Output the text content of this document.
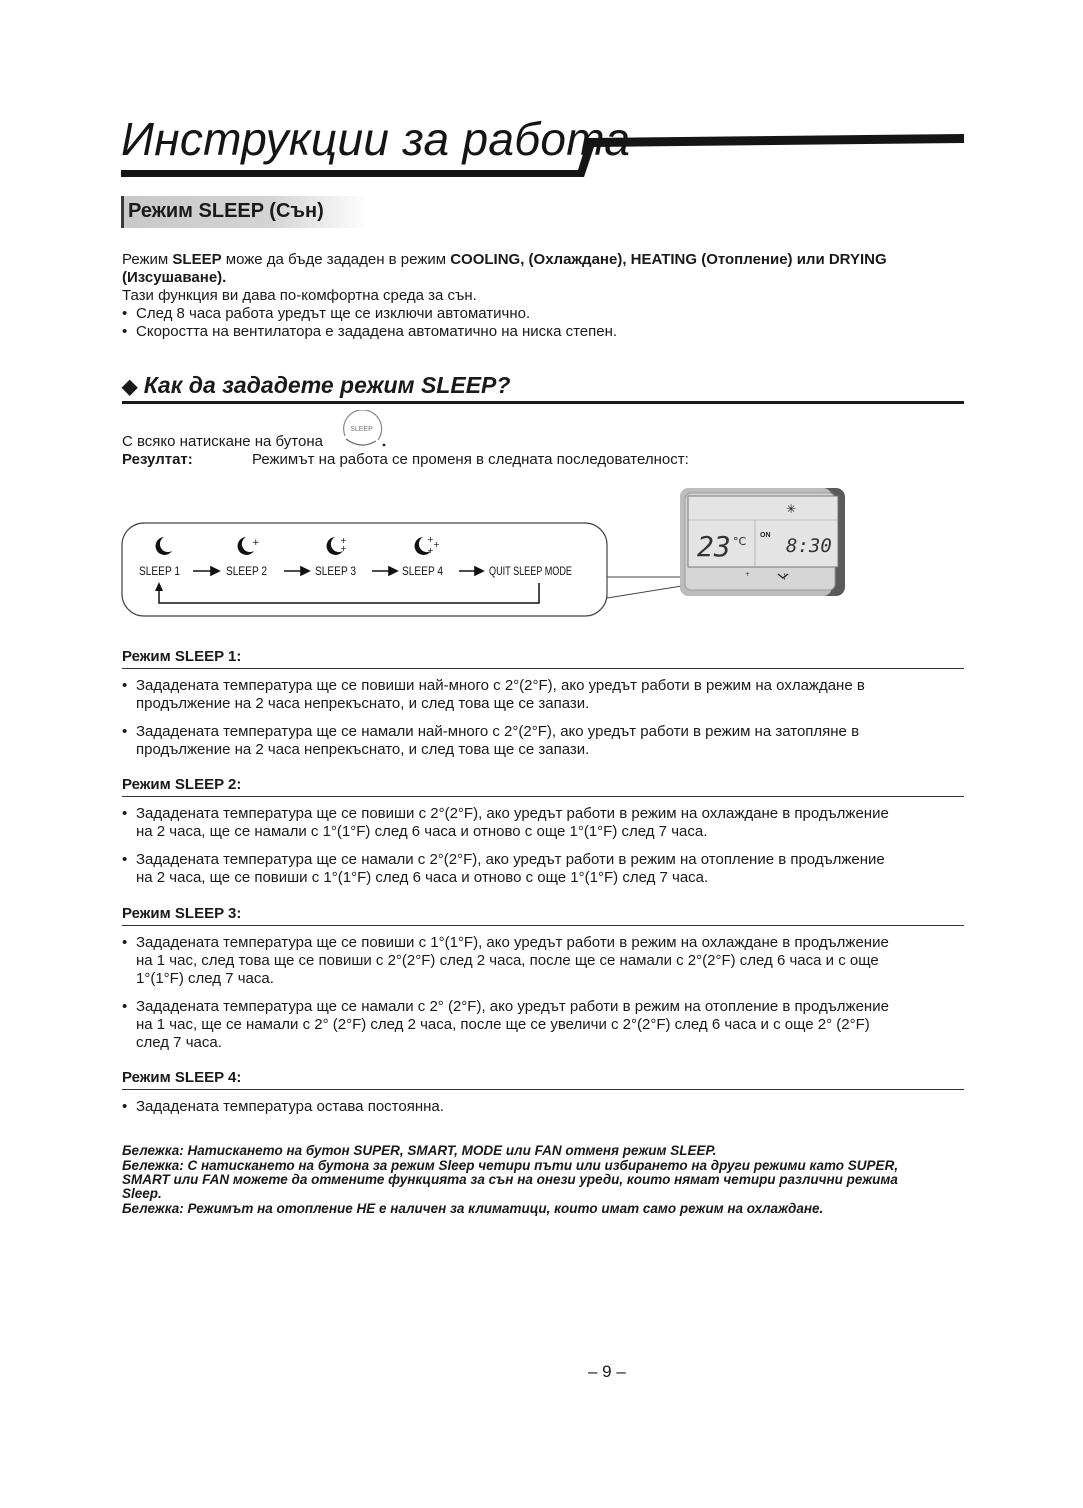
Инструкции за работа
Режим SLEEP (Сън)
Режим SLEEP може да бъде зададен в режим COOLING, (Охлаждане), HEATING (Отопление) или DRYING
(Изсушаване).
Тази функция ви дава по-комфортна среда за сън.
• След 8 часа работа уредът ще се изключи автоматично.
• Скоростта на вентилатора е зададена автоматично на ниска степен.
◆ Как да зададете режим SLEEP?
С всяко натискане на бутона
SLEEP
Резултат:	Режимът на работа се променя в следната последователност:
+	+
+
+
+
+
SLEEP 1	SLEEP 2	SLEEP 3	SLEEP 4	QUIT SLEEP MODE
✳
23 °C ON 8:30
+	⁝
Режим SLEEP 1:
• Зададената температура ще се повиши най-много с 2°(2°F), ако уредът работи в режим на охлаждане в
продължение на 2 часа непрекъснато, и след това ще се запази.
• Зададената температура ще се намали най-много с 2°(2°F), ако уредът работи в режим на затопляне в
продължение на 2 часа непрекъснато, и след това ще се запази.
Режим SLEEP 2:
• Зададената температура ще се повиши с 2°(2°F), ако уредът работи в режим на охлаждане в продължение
на 2 часа, ще се намали с 1°(1°F) след 6 часа и отново с още 1°(1°F) след 7 часа.
• Зададената температура ще се намали с 2°(2°F), ако уредът работи в режим на отопление в продължение
на 2 часа, ще се повиши с 1°(1°F) след 6 часа и отново с още 1°(1°F) след 7 часа.
Режим SLEEP 3:
• Зададената температура ще се повиши с 1°(1°F), ако уредът работи в режим на охлаждане в продължение
на 1 час, след това ще се повиши с 2°(2°F) след 2 часа, после ще се намали с 2°(2°F) след 6 часа и с още
1°(1°F) след 7 часа.
• Зададената температура ще се намали с 2° (2°F), ако уредът работи в режим на отопление в продължение
на 1 час, ще се намали с 2° (2°F) след 2 часа, после ще се увеличи с 2°(2°F) след 6 часа и с още 2° (2°F)
след 7 часа.
Режим SLEEP 4:
• Зададената температура остава постоянна.
Бележка: Натискането на бутон SUPER, SMART, MODE или FAN отменя режим SLEEP.
Бележка: С натискането на бутона за режим Sleep четири пъти или избирането на други режими като SUPER,
SMART или FAN можете да отмените функцията за сън на онези уреди, които нямат четири различни режима
Sleep.
Бележка: Режимът на отопление НЕ е наличен за климатици, които имат само режим на охлаждане.
– 9 –
